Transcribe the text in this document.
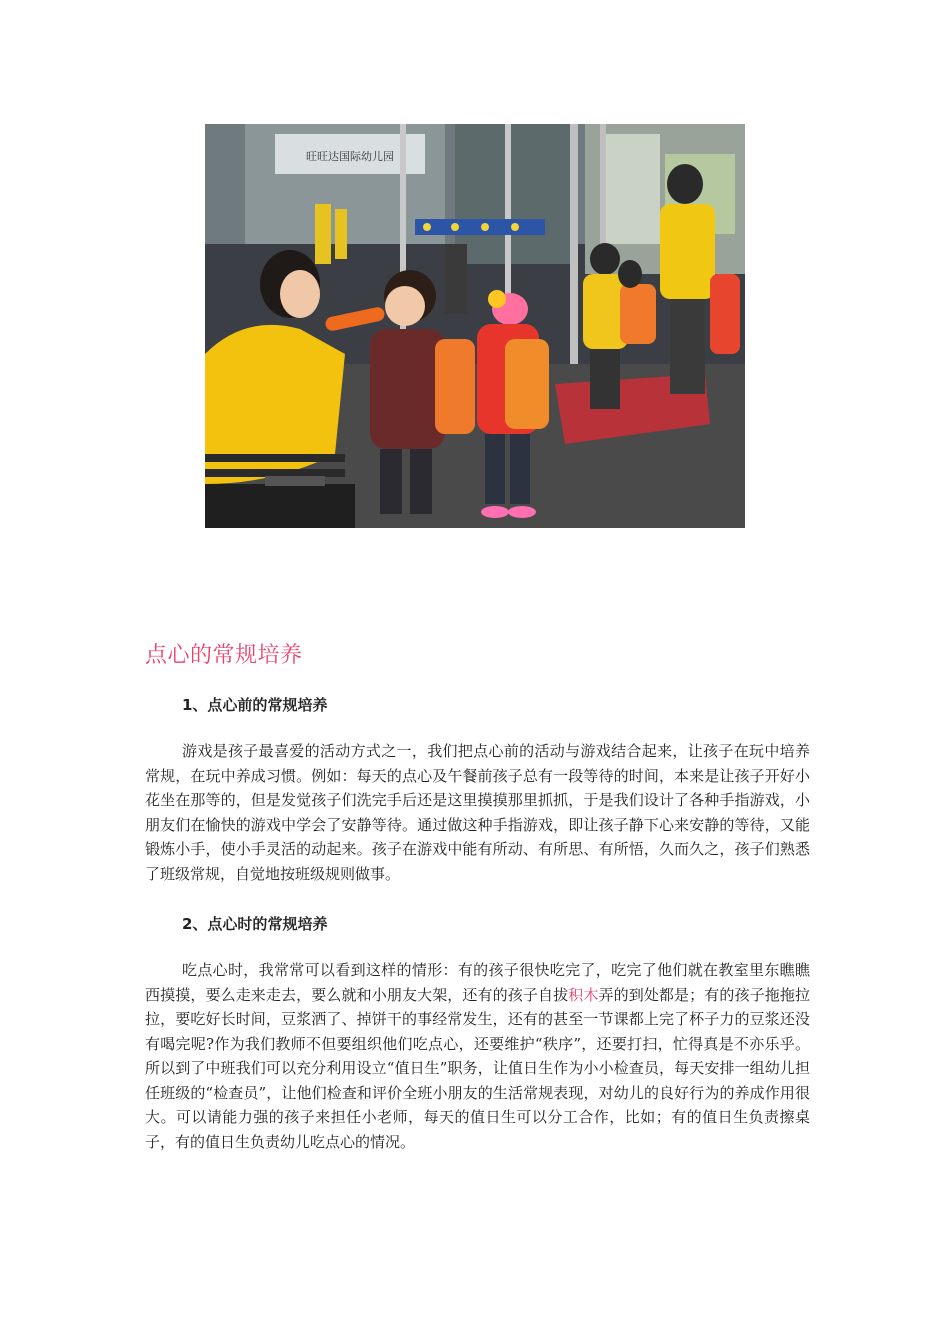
旺旺达国际幼儿园
点心的常规培养
1、点心前的常规培养
游戏是孩子最喜爱的活动方式之一，我们把点心前的活动与游戏结合起来，让孩子在玩中培养常规，在玩中养成习惯。例如：每天的点心及午餐前孩子总有一段等待的时间，本来是让孩子开好小花坐在那等的，但是发觉孩子们洗完手后还是这里摸摸那里抓抓，于是我们设计了各种手指游戏，小朋友们在愉快的游戏中学会了安静等待。通过做这种手指游戏，即让孩子静下心来安静的等待，又能锻炼小手，使小手灵活的动起来。孩子在游戏中能有所动、有所思、有所悟，久而久之，孩子们熟悉了班级常规，自觉地按班级规则做事。
2、点心时的常规培养
吃点心时，我常常可以看到这样的情形：有的孩子很快吃完了，吃完了他们就在教室里东瞧瞧西摸摸，要么走来走去，要么就和小朋友大架，还有的孩子自拔积木弄的到处都是；有的孩子拖拖拉拉，要吃好长时间，豆浆洒了、掉饼干的事经常发生，还有的甚至一节课都上完了杯子力的豆浆还没有喝完呢?作为我们教师不但要组织他们吃点心，还要维护“秩序”，还要打扫，忙得真是不亦乐乎。所以到了中班我们可以充分利用设立“值日生”职务，让值日生作为小小检查员，每天安排一组幼儿担任班级的“检查员”，让他们检查和评价全班小朋友的生活常规表现，对幼儿的良好行为的养成作用很大。可以请能力强的孩子来担任小老师，每天的值日生可以分工合作，比如；有的值日生负责擦桌子，有的值日生负责幼儿吃点心的情况。
